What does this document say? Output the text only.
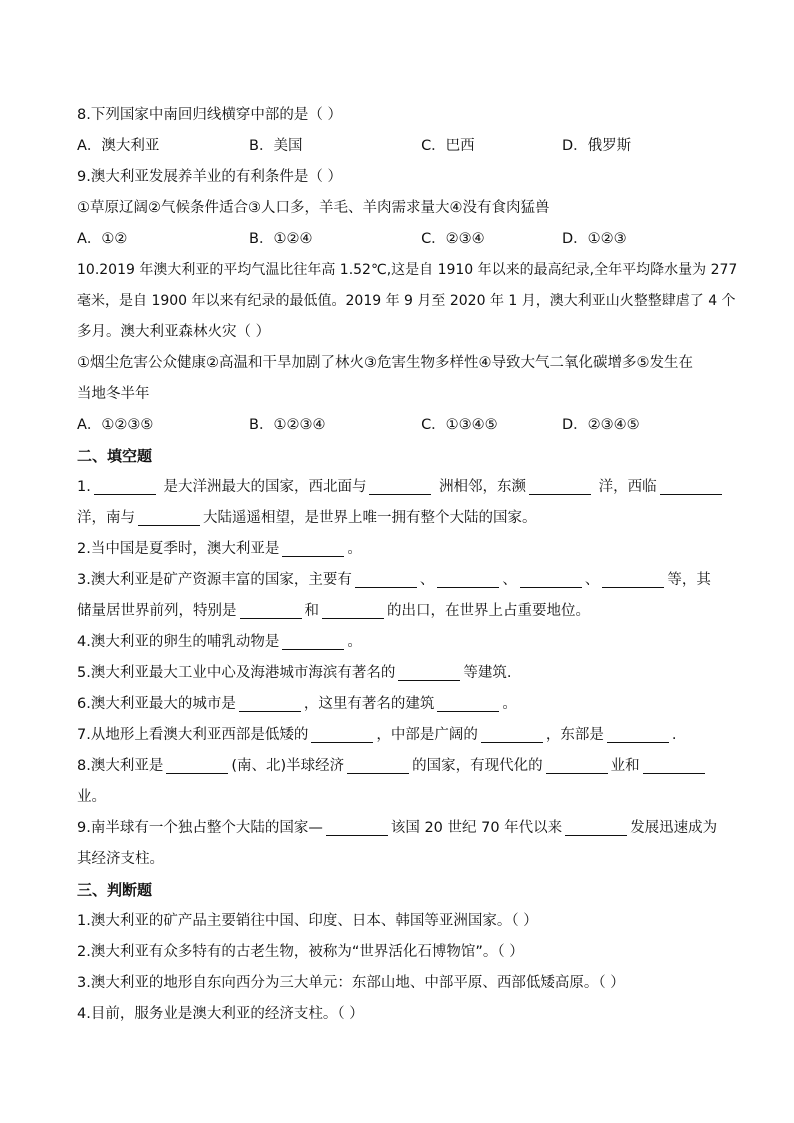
8.下列国家中南回归线横穿中部的是（ ）
A．澳大利亚	B．美国	C．巴西	D．俄罗斯
9.澳大利亚发展养羊业的有利条件是（ ）
①草原辽阔②气候条件适合③人口多，羊毛、羊肉需求量大④没有食肉猛兽
A．①②	B．①②④	C．②③④	D．①②③
10.2019 年澳大利亚的平均气温比往年高 1.52℃,这是自 1910 年以来的最高纪录,全年平均降水量为 277
毫米，是自 1900 年以来有纪录的最低值。2019 年 9 月至 2020 年 1 月，澳大利亚山火整整肆虐了 4 个
多月。澳大利亚森林火灾（ ）
①烟尘危害公众健康②高温和干旱加剧了林火③危害生物多样性④导致大气二氧化碳增多⑤发生在
当地冬半年
A．①②③⑤	B．①②③④	C．①③④⑤	D．②③④⑤
二、填空题
1.	是大洋洲最大的国家，西北面与	洲相邻，东濒	洋，西临
洋，南与	大陆遥遥相望，是世界上唯一拥有整个大陆的国家。
2.当中国是夏季时，澳大利亚是	。
3.澳大利亚是矿产资源丰富的国家，主要有	、	、	、	等，其
储量居世界前列，特别是	和	的出口，在世界上占重要地位。
4.澳大利亚的卵生的哺乳动物是	。
5.澳大利亚最大工业中心及海港城市海滨有著名的	等建筑.
6.澳大利亚最大的城市是	，这里有著名的建筑	。
7.从地形上看澳大利亚西部是低矮的	，中部是广阔的	，东部是	.
8.澳大利亚是	(南、北)半球经济	的国家，有现代化的	业和
业。
9.南半球有一个独占整个大陆的国家—	该国 20 世纪 70 年代以来	发展迅速成为
其经济支柱。
三、判断题
1.澳大利亚的矿产品主要销往中国、印度、日本、韩国等亚洲国家。（ ）
2.澳大利亚有众多特有的古老生物，被称为“世界活化石博物馆”。（ ）
3.澳大利亚的地形自东向西分为三大单元：东部山地、中部平原、西部低矮高原。（ ）
4.目前，服务业是澳大利亚的经济支柱。（ ）
